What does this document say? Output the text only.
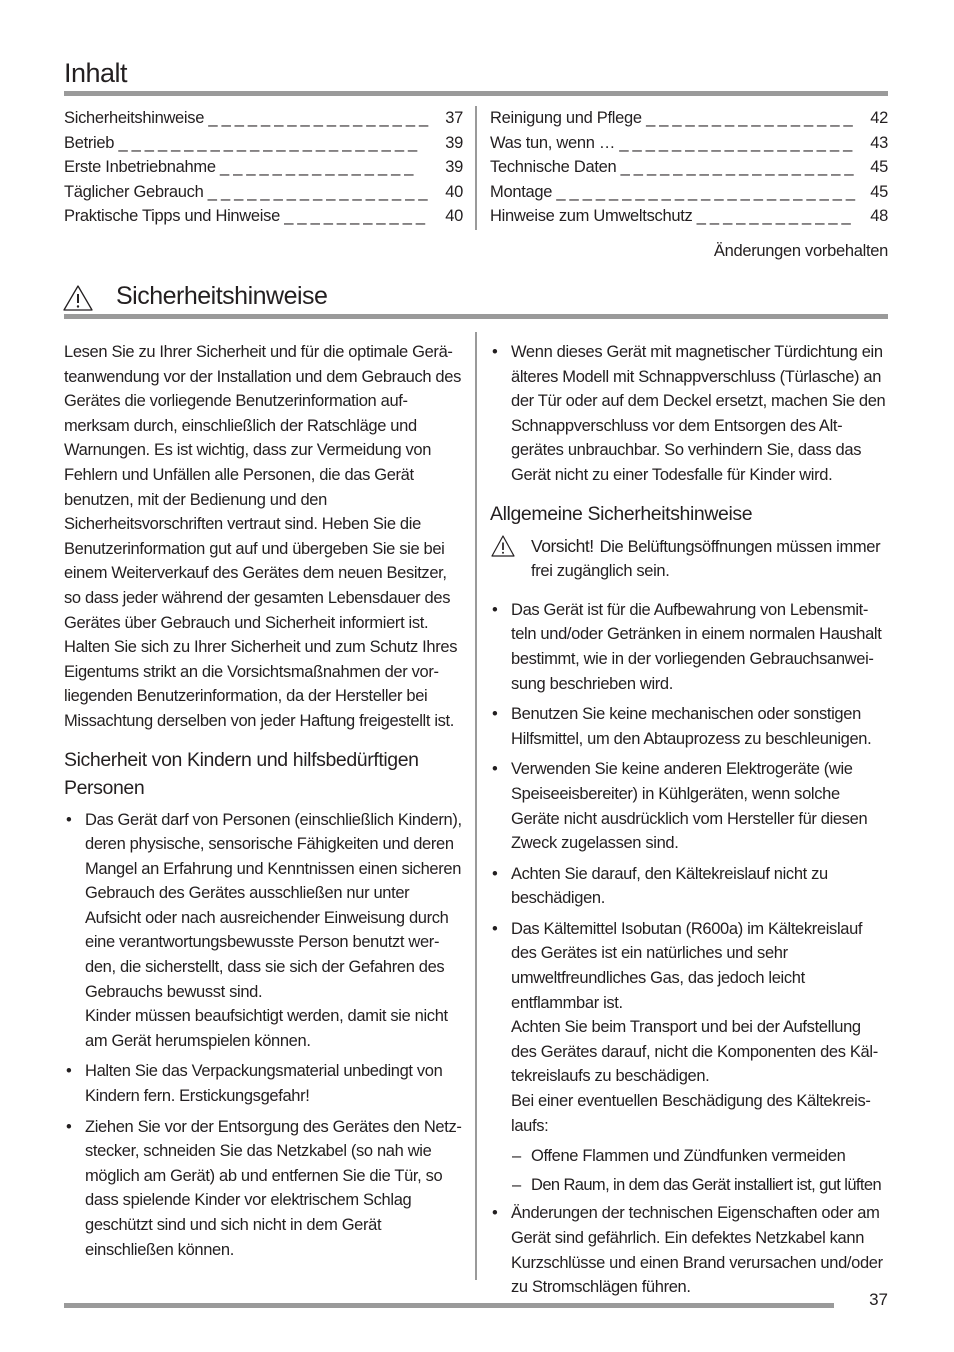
Inhalt
Sicherheitshinweise _ _ _ _ _ _ _ _ _ _ _ _ _ _ _ _ _	37
Betrieb _ _ _ _ _ _ _ _ _ _ _ _ _ _ _ _ _ _ _ _ _ _ _	39
Erste Inbetriebnahme _ _ _ _ _ _ _ _ _ _ _ _ _ _ _	39
Täglicher Gebrauch _ _ _ _ _ _ _ _ _ _ _ _ _ _ _ _ _	40
Praktische Tipps und Hinweise _ _ _ _ _ _ _ _ _ _ _	40
Reinigung und Pflege _ _ _ _ _ _ _ _ _ _ _ _ _ _ _ _	42
Was tun, wenn … _ _ _ _ _ _ _ _ _ _ _ _ _ _ _ _ _ _	43
Technische Daten _ _ _ _ _ _ _ _ _ _ _ _ _ _ _ _ _ _	45
Montage _ _ _ _ _ _ _ _ _ _ _ _ _ _ _ _ _ _ _ _ _ _ _ 45
Hinweise zum Umweltschutz _ _ _ _ _ _ _ _ _ _ _ _	48
Änderungen vorbehalten
Sicherheitshinweise

Lesen Sie zu Ihrer Sicherheit und für die optimale Geräteanwendung vor der Installation und dem Gebrauch des Gerätes die vorliegende Benutzerinformation aufmerksam durch, einschließlich der Ratschläge und Warnungen. Es ist wichtig, dass zur Vermeidung von Fehlern und Unfällen alle Personen, die das Gerät benutzen, mit der Bedienung und den Sicherheitsvorschriften vertraut sind. Heben Sie die Benutzerinformation gut auf und übergeben Sie sie bei einem Weiterverkauf des Gerätes dem neuen Besitzer, so dass jeder während der gesamten Lebensdauer des Gerätes über Gebrauch und Sicherheit informiert ist.

Halten Sie sich zu Ihrer Sicherheit und zum Schutz Ihres Eigentums strikt an die Vorsichtsmaßnahmen der vorliegenden Benutzerinformation, da der Hersteller bei Missachtung derselben von jeder Haftung freigestellt ist.

Sicherheit von Kindern und hilfsbedürftigen Personen

• Das Gerät darf von Personen (einschließlich Kindern), deren physische, sensorische Fähigkeiten und deren Mangel an Erfahrung und Kenntnissen einen sicheren Gebrauch des Gerätes ausschließen nur unter Aufsicht oder nach ausreichender Einweisung durch eine verantwortungsbewusste Person benutzt werden, die sicherstellt, dass sie sich der Gefahren des Gebrauchs bewusst sind.

Kinder müssen beaufsichtigt werden, damit sie nicht am Gerät herumspielen können.

• Halten Sie das Verpackungsmaterial unbedingt von Kindern fern. Erstickungsgefahr!

• Ziehen Sie vor der Entsorgung des Gerätes den Netzstecker, schneiden Sie das Netzkabel (so nah wie möglich am Gerät) ab und entfernen Sie die Tür, so dass spielende Kinder vor elektrischem Schlag geschützt sind und sich nicht in dem Gerät einschließen können.

• Wenn dieses Gerät mit magnetischer Türdichtung ein älteres Modell mit Schnappverschluss (Türlasche) an der Tür oder auf dem Deckel ersetzt, machen Sie den Schnappverschluss vor dem Entsorgen des Altgerätes unbrauchbar. So verhindern Sie, dass das Gerät nicht zu einer Todesfalle für Kinder wird.

Allgemeine Sicherheitshinweise
Vorsicht! Die Belüftungsöffnungen müssen immer frei zugänglich sein.

• Das Gerät ist für die Aufbewahrung von Lebensmitteln und/oder Getränken in einem normalen Haushalt bestimmt, wie in der vorliegenden Gebrauchsanweisung beschrieben wird.

• Benutzen Sie keine mechanischen oder sonstigen Hilfsmittel, um den Abtauprozess zu beschleunigen.

• Verwenden Sie keine anderen Elektrogeräte (wie Speiseeisbereiter) in Kühlgeräten, wenn solche Geräte nicht ausdrücklich vom Hersteller für diesen Zweck zugelassen sind.

• Achten Sie darauf, den Kältekreislauf nicht zu beschädigen.

• Das Kältemittel Isobutan (R600a) im Kältekreislauf des Gerätes ist ein natürliches und sehr umweltfreundliches Gas, das jedoch leicht entflammbar ist.

Achten Sie beim Transport und bei der Aufstellung des Gerätes darauf, nicht die Komponenten des Kältekreislaufs zu beschädigen.

Bei einer eventuellen Beschädigung des Kältekreislaufs:

– Offene Flammen und Zündfunken vermeiden

– Den Raum, in dem das Gerät installiert ist, gut lüften

• Änderungen der technischen Eigenschaften oder am Gerät sind gefährlich. Ein defektes Netzkabel kann Kurzschlüsse und einen Brand verursachen und/oder zu Stromschlägen führen.

37
